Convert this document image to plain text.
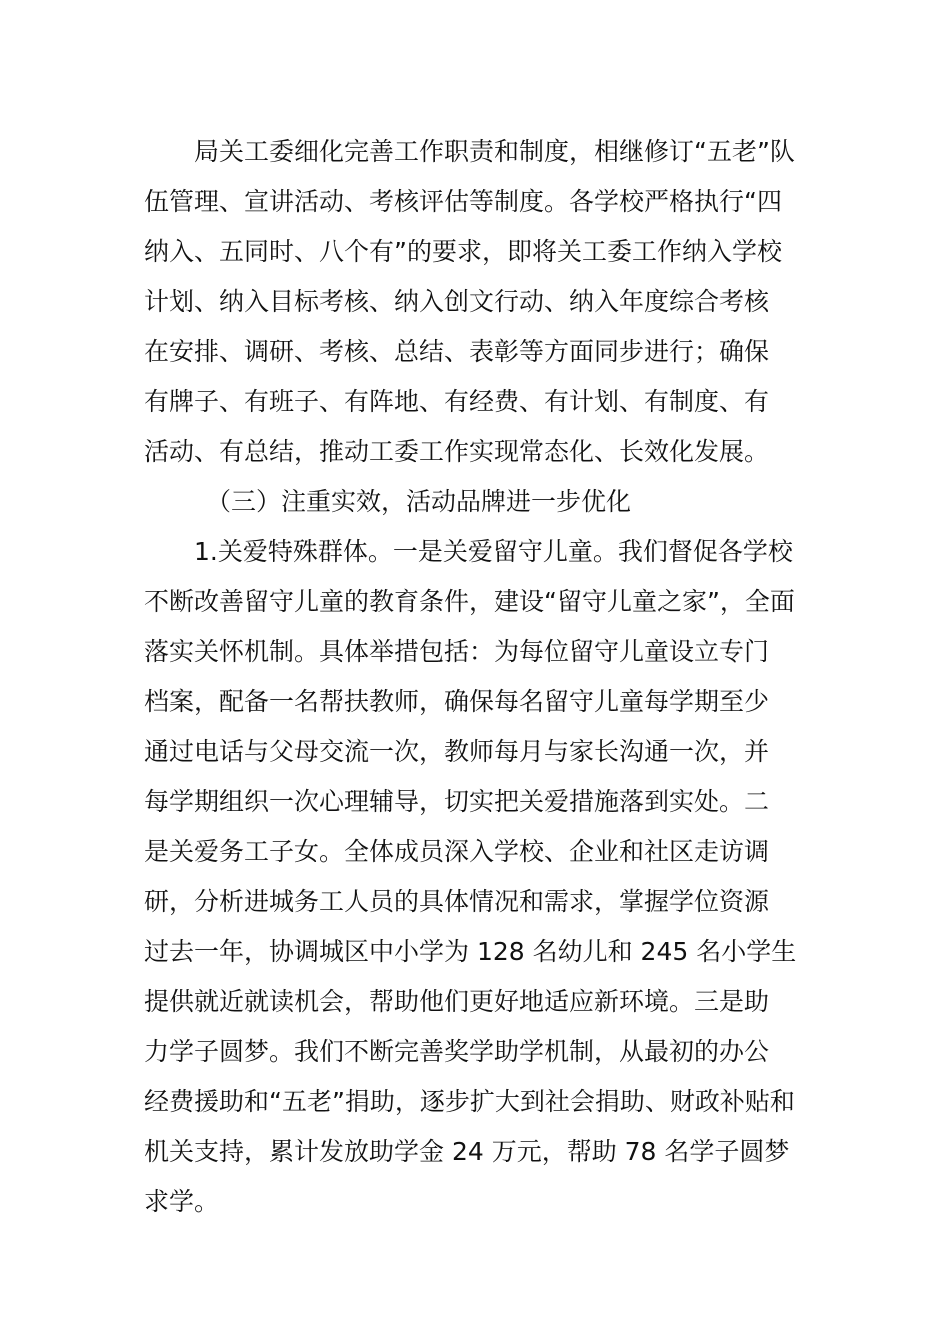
局关工委细化完善工作职责和制度，相继修订“五老”队
伍管理、宣讲活动、考核评估等制度。各学校严格执行“四
纳入、五同时、八个有”的要求，即将关工委工作纳入学校
计划、纳入目标考核、纳入创文行动、纳入年度综合考核
在安排、调研、考核、总结、表彰等方面同步进行；确保
有牌子、有班子、有阵地、有经费、有计划、有制度、有
活动、有总结，推动工委工作实现常态化、长效化发展。

（三）注重实效，活动品牌进一步优化

1.关爱特殊群体。一是关爱留守儿童。我们督促各学校
不断改善留守儿童的教育条件，建设“留守儿童之家”，全面
落实关怀机制。具体举措包括：为每位留守儿童设立专门
档案，配备一名帮扶教师，确保每名留守儿童每学期至少
通过电话与父母交流一次，教师每月与家长沟通一次，并
每学期组织一次心理辅导，切实把关爱措施落到实处。二
是关爱务工子女。全体成员深入学校、企业和社区走访调
研，分析进城务工人员的具体情况和需求，掌握学位资源
过去一年，协调城区中小学为 128 名幼儿和 245 名小学生
提供就近就读机会，帮助他们更好地适应新环境。三是助
力学子圆梦。我们不断完善奖学助学机制，从最初的办公
经费援助和“五老”捐助，逐步扩大到社会捐助、财政补贴和
机关支持，累计发放助学金 24 万元，帮助 78 名学子圆梦
求学。
